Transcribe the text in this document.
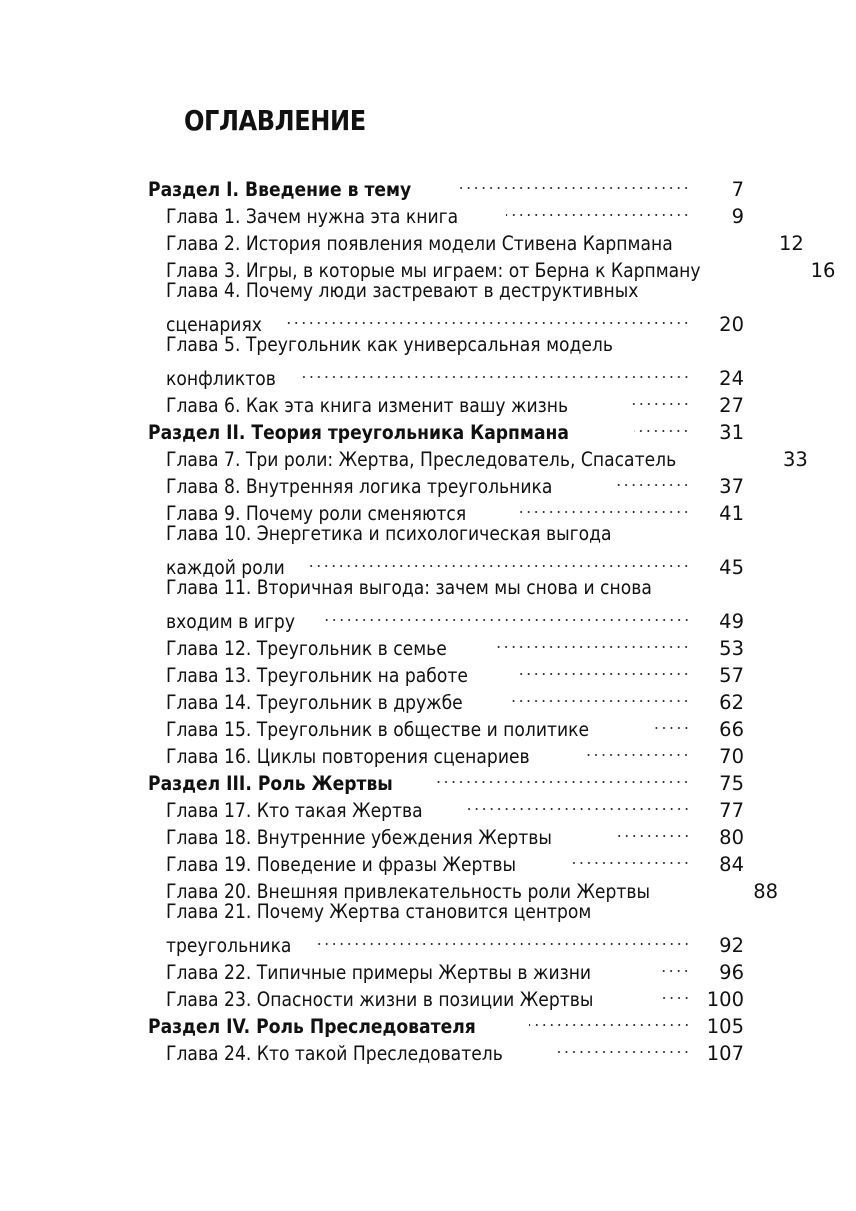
ОГЛАВЛЕНИЕ
Раздел I. Введение в тему	7
Глава 1. Зачем нужна эта книга	9
Глава 2. История появления модели Стивена Карпмана	12
Глава 3. Игры, в которые мы играем: от Берна к Карпману	16
Глава 4. Почему люди застревают в деструктивных
сценариях	20
Глава 5. Треугольник как универсальная модель
конфликтов	24
Глава 6. Как эта книга изменит вашу жизнь	27
Раздел II. Теория треугольника Карпмана	31
Глава 7. Три роли: Жертва, Преследователь, Спасатель	33
Глава 8. Внутренняя логика треугольника	37
Глава 9. Почему роли сменяются	41
Глава 10. Энергетика и психологическая выгода
каждой роли	45
Глава 11. Вторичная выгода: зачем мы снова и снова
входим в игру	49
Глава 12. Треугольник в семье	53
Глава 13. Треугольник на работе	57
Глава 14. Треугольник в дружбе	62
Глава 15. Треугольник в обществе и политике	66
Глава 16. Циклы повторения сценариев	70
Раздел III. Роль Жертвы	75
Глава 17. Кто такая Жертва	77
Глава 18. Внутренние убеждения Жертвы	80
Глава 19. Поведение и фразы Жертвы	84
Глава 20. Внешняя привлекательность роли Жертвы	88
Глава 21. Почему Жертва становится центром
треугольника	92
Глава 22. Типичные примеры Жертвы в жизни	96
Глава 23. Опасности жизни в позиции Жертвы	100
Раздел IV. Роль Преследователя	105
Глава 24. Кто такой Преследователь	107
